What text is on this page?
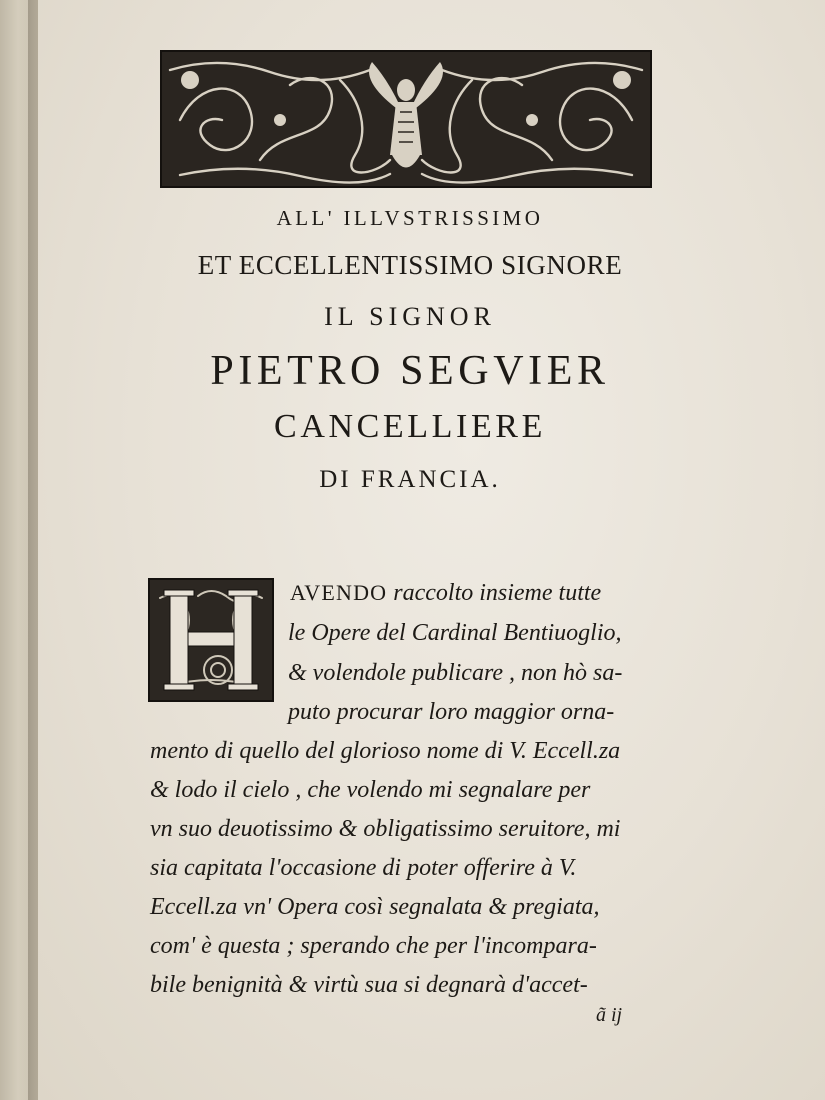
ALL' ILLVSTRISSIMO
ET ECCELLENTISSIMO SIGNORE
IL SIGNOR
PIETRO SEGVIER
CANCELLIERE
DI FRANCIA.

AVENDO raccolto insieme tutte

le Opere del Cardinal Bentiuoglio,

& volendole publicare , non hò sa-

puto procurar loro maggior orna-

mento di quello del glorioso nome di V. Eccell.za

& lodo il cielo , che volendo mi segnalare per

vn suo deuotissimo & obligatissimo seruitore, mi

sia capitata l'occasione di poter offerire à V.

Eccell.za vn' Opera così segnalata & pregiata,

com' è questa ; sperando che per l'incompara-

bile benignità & virtù sua si degnarà d'accet-

ã ij
